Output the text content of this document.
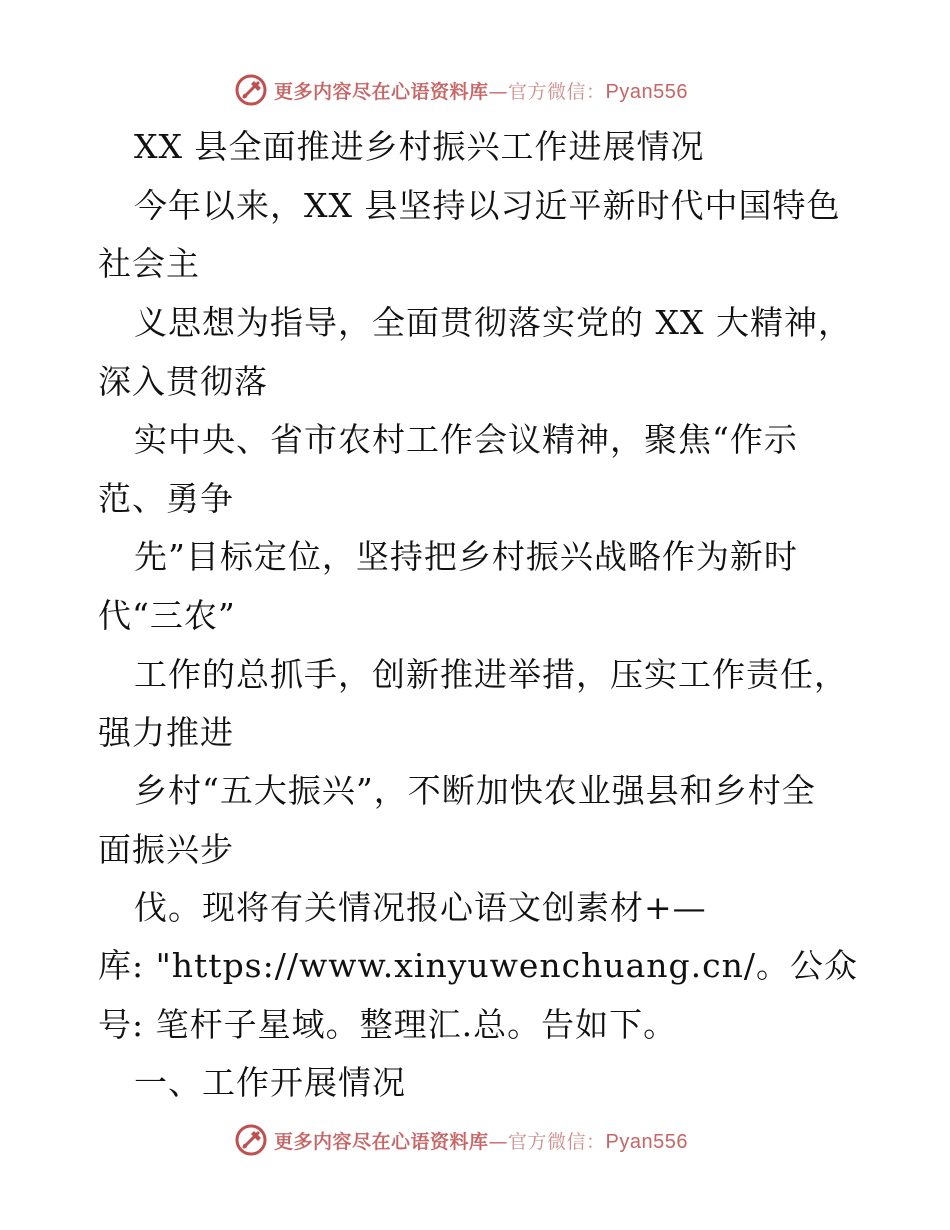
更多内容尽在心语资料库—官方微信：Pyan556
XX 县全面推进乡村振兴工作进展情况
今年以来，XX 县坚持以习近平新时代中国特色
社会主
义思想为指导，全面贯彻落实党的 XX 大精神，
深入贯彻落
实中央、省市农村工作会议精神，聚焦“作示
范、勇争
先”目标定位，坚持把乡村振兴战略作为新时
代“三农”
工作的总抓手，创新推进举措，压实工作责任，
强力推进
乡村“五大振兴”，不断加快农业强县和乡村全
面振兴步
伐。现将有关情况报心语文创素材+—
库: "https://www.xinyuwenchuang.cn/。公众
号: 笔杆子星域。整理汇.总。告如下。
一、工作开展情况
更多内容尽在心语资料库—官方微信：Pyan556
